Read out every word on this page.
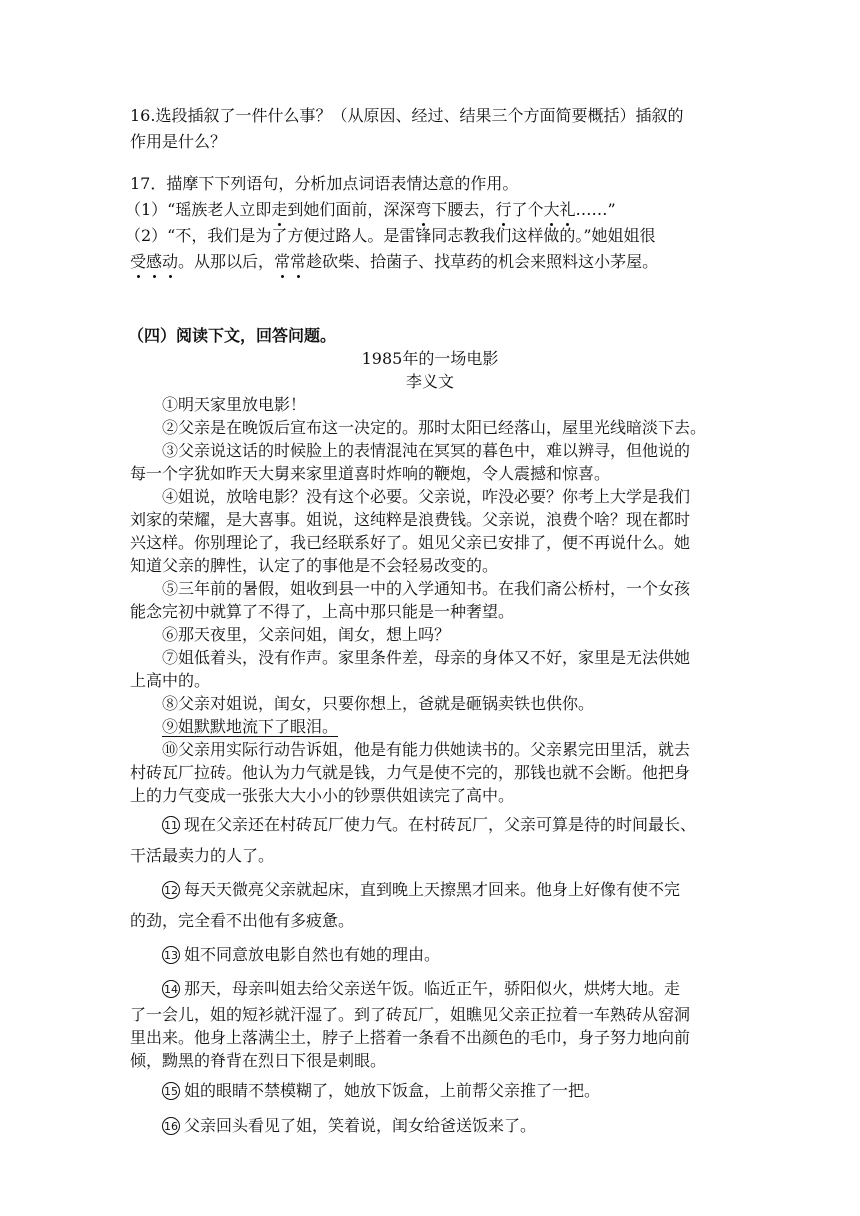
16.选段插叙了一件什么事？（从原因、经过、结果三个方面简要概括）插叙的
作用是什么？
17．描摩下下列语句，分析加点词语表情达意的作用。
（1）“瑶族老人立即走到她们面前，深深弯下腰去，行了个大礼……”
（2）“不，我们是为了方便过路人。是雷锋同志教我们这样做的。”她姐姐很
受感动。从那以后，常常趁砍柴、拾菌子、找草药的机会来照料这小茅屋。
（四）阅读下文，回答问题。
1985年的一场电影
李义文
①明天家里放电影！
②父亲是在晚饭后宣布这一决定的。那时太阳已经落山，屋里光线暗淡下去。
③父亲说这话的时候脸上的表情混沌在冥冥的暮色中，难以辨寻，但他说的
每一个字犹如昨天大舅来家里道喜时炸响的鞭炮，令人震撼和惊喜。
④姐说，放啥电影？没有这个必要。父亲说，咋没必要？你考上大学是我们
刘家的荣耀，是大喜事。姐说，这纯粹是浪费钱。父亲说，浪费个啥？现在都时
兴这样。你别理论了，我已经联系好了。姐见父亲已安排了，便不再说什么。她
知道父亲的脾性，认定了的事他是不会轻易改变的。
⑤三年前的暑假，姐收到县一中的入学通知书。在我们斋公桥村，一个女孩
能念完初中就算了不得了，上高中那只能是一种奢望。
⑥那天夜里，父亲问姐，闺女，想上吗？
⑦姐低着头，没有作声。家里条件差，母亲的身体又不好，家里是无法供她
上高中的。
⑧父亲对姐说，闺女，只要你想上，爸就是砸锅卖铁也供你。
⑨姐默默地流下了眼泪。
⑩父亲用实际行动告诉姐，他是有能力供她读书的。父亲累完田里活，就去
村砖瓦厂拉砖。他认为力气就是钱，力气是使不完的，那钱也就不会断。他把身
上的力气变成一张张大大小小的钞票供姐读完了高中。
11 现在父亲还在村砖瓦厂使力气。在村砖瓦厂，父亲可算是待的时间最长、
干活最卖力的人了。
12 每天天微亮父亲就起床，直到晚上天擦黑才回来。他身上好像有使不完
的劲，完全看不出他有多疲惫。
13 姐不同意放电影自然也有她的理由。
14 那天，母亲叫姐去给父亲送午饭。临近正午，骄阳似火，烘烤大地。走
了一会儿，姐的短衫就汗湿了。到了砖瓦厂，姐瞧见父亲正拉着一车熟砖从窑洞
里出来。他身上落满尘土，脖子上搭着一条看不出颜色的毛巾，身子努力地向前
倾，黝黑的脊背在烈日下很是刺眼。
15 姐的眼睛不禁模糊了，她放下饭盒，上前帮父亲推了一把。
16 父亲回头看见了姐，笑着说，闺女给爸送饭来了。
